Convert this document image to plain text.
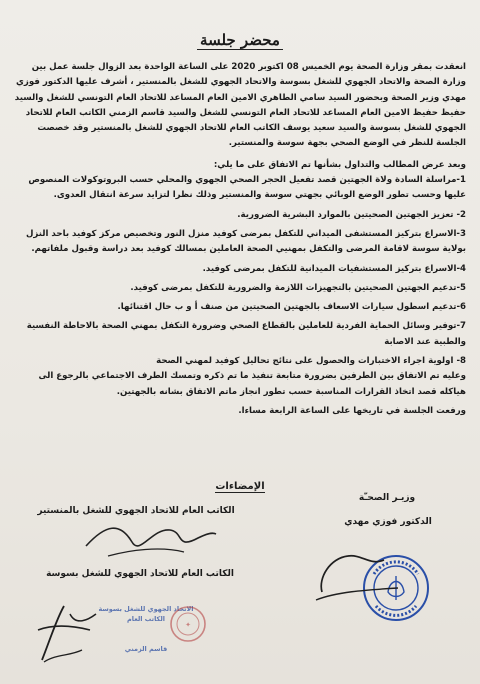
محضر جلسة

انعقدت بمقر وزارة الصحة يوم الخميس 08 اكتوبر 2020 على الساعة الواحدة بعد الزوال جلسة عمل بين وزارة الصحة والاتحاد الجهوي للشغل بسوسة والاتحاد الجهوي للشغل بالمنستير ، أشرف عليها الدكتور فوزي مهدي وزير الصحة وبحضور السيد سامي الطاهري الامين العام المساعد للاتحاد العام التونسي للشغل والسيد حفيظ حفيظ الامين العام المساعد للاتحاد العام التونسي للشغل والسيد قاسم الزمني الكاتب العام للاتحاد الجهوي للشغل بسوسة والسيد سعيد يوسف الكاتب العام للاتحاد الجهوي للشغل بالمنستير وقد خصصت الجلسة للنظر في الوضع الصحي بجهة سوسة والمنستير.

وبعد عرض المطالب والتداول بشأنها تم الاتفاق على ما يلي:

1-مراسلة السادة ولاة الجهتين قصد تفعيل الحجر الصحي الجهوي والمحلي حسب البروتوكولات المنصوص عليها وحسب تطور الوضع الوبائي بجهتي سوسة والمنستير وذلك نظرا لتزايد سرعة انتقال العدوى.

2- تعزيز الجهتين الصحيتين بالموارد البشرية الضرورية.

3-الاسراع بتركيز المستشفى الميداني للتكفل بمرضى كوفيد منزل النور وتخصيص مركز كوفيد باحد النزل بولاية سوسة لاقامة المرضى والتكفل بمهنيي الصحة العاملين بمسالك كوفيد بعد دراسة وقبول ملفاتهم.

4-الاسراع بتركيز المستشفيات الميدانية للتكفل بمرضى كوفيد.

5-تدعيم الجهتين الصحيتين بالتجهيزات اللازمة والضرورية للتكفل بمرضى كوفيد.

6-تدعيم اسطول سيارات الاسعاف بالجهتين الصحيتين من صنف أ و ب حال اقتنائها.

7-توفير وسائل الحماية الفردية للعاملين بالقطاع الصحي وضرورة التكفل بمهني الصحة بالاحاطة النفسية والطبية عند الاصابة

8- اولوية اجراء الاختبارات والحصول على نتائج تحاليل كوفيد لمهني الصحة

وعليه تم الاتفاق بين الطرفين بضرورة متابعة تنفيذ ما تم ذكره وتمسك الطرف الاجتماعي بالرجوع الى هياكله قصد اتخاذ القرارات المناسبة حسب تطور انجاز ماتم الاتفاق بشانه بالجهتين.

ورفعت الجلسة في تاريخها على الساعة الرابعة مساءا.

الإمضاءات
الكاتب العام للاتحاد الجهوي للشغل بالمنستير
وزيـر الصحـّة
الدكتور فوزي مهدي
الكاتب العام للاتحاد الجهوي للشغل بسوسة
الاتحاد الجهوي للشغل بسوسة
الكاتب العام
قاسم الزمني
✦
